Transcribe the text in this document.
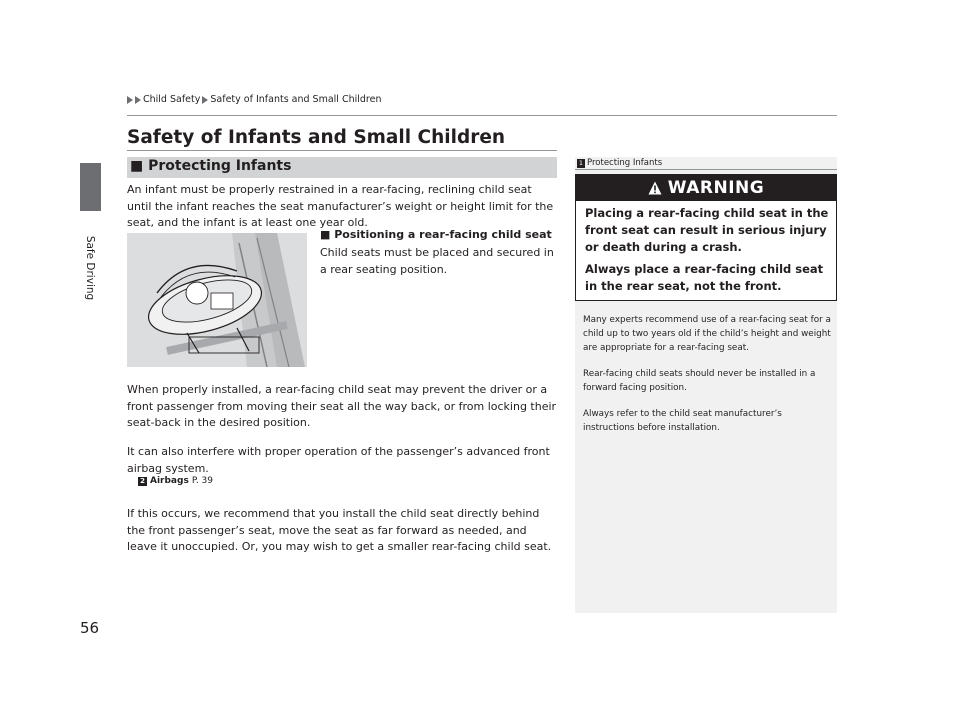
Safe Driving
56
Child Safety Safety of Infants and Small Children
Safety of Infants and Small Children
■ Protecting Infants
An infant must be properly restrained in a rear-facing, reclining child seat until the infant reaches the seat manufacturer’s weight or height limit for the seat, and the infant is at least one year old.
■ Positioning a rear-facing child seat
Child seats must be placed and secured in a rear seating position.
When properly installed, a rear-facing child seat may prevent the driver or a front passenger from moving their seat all the way back, or from locking their seat-back in the desired position.
It can also interfere with proper operation of the passenger’s advanced front airbag system.
2 Airbags P. 39
If this occurs, we recommend that you install the child seat directly behind the front passenger’s seat, move the seat as far forward as needed, and leave it unoccupied. Or, you may wish to get a smaller rear-facing child seat.
1 Protecting Infants
WARNING
Placing a rear-facing child seat in the front seat can result in serious injury or death during a crash.
Always place a rear-facing child seat in the rear seat, not the front.
Many experts recommend use of a rear-facing seat for a child up to two years old if the child’s height and weight are appropriate for a rear-facing seat.
Rear-facing child seats should never be installed in a forward facing position.
Always refer to the child seat manufacturer’s instructions before installation.
